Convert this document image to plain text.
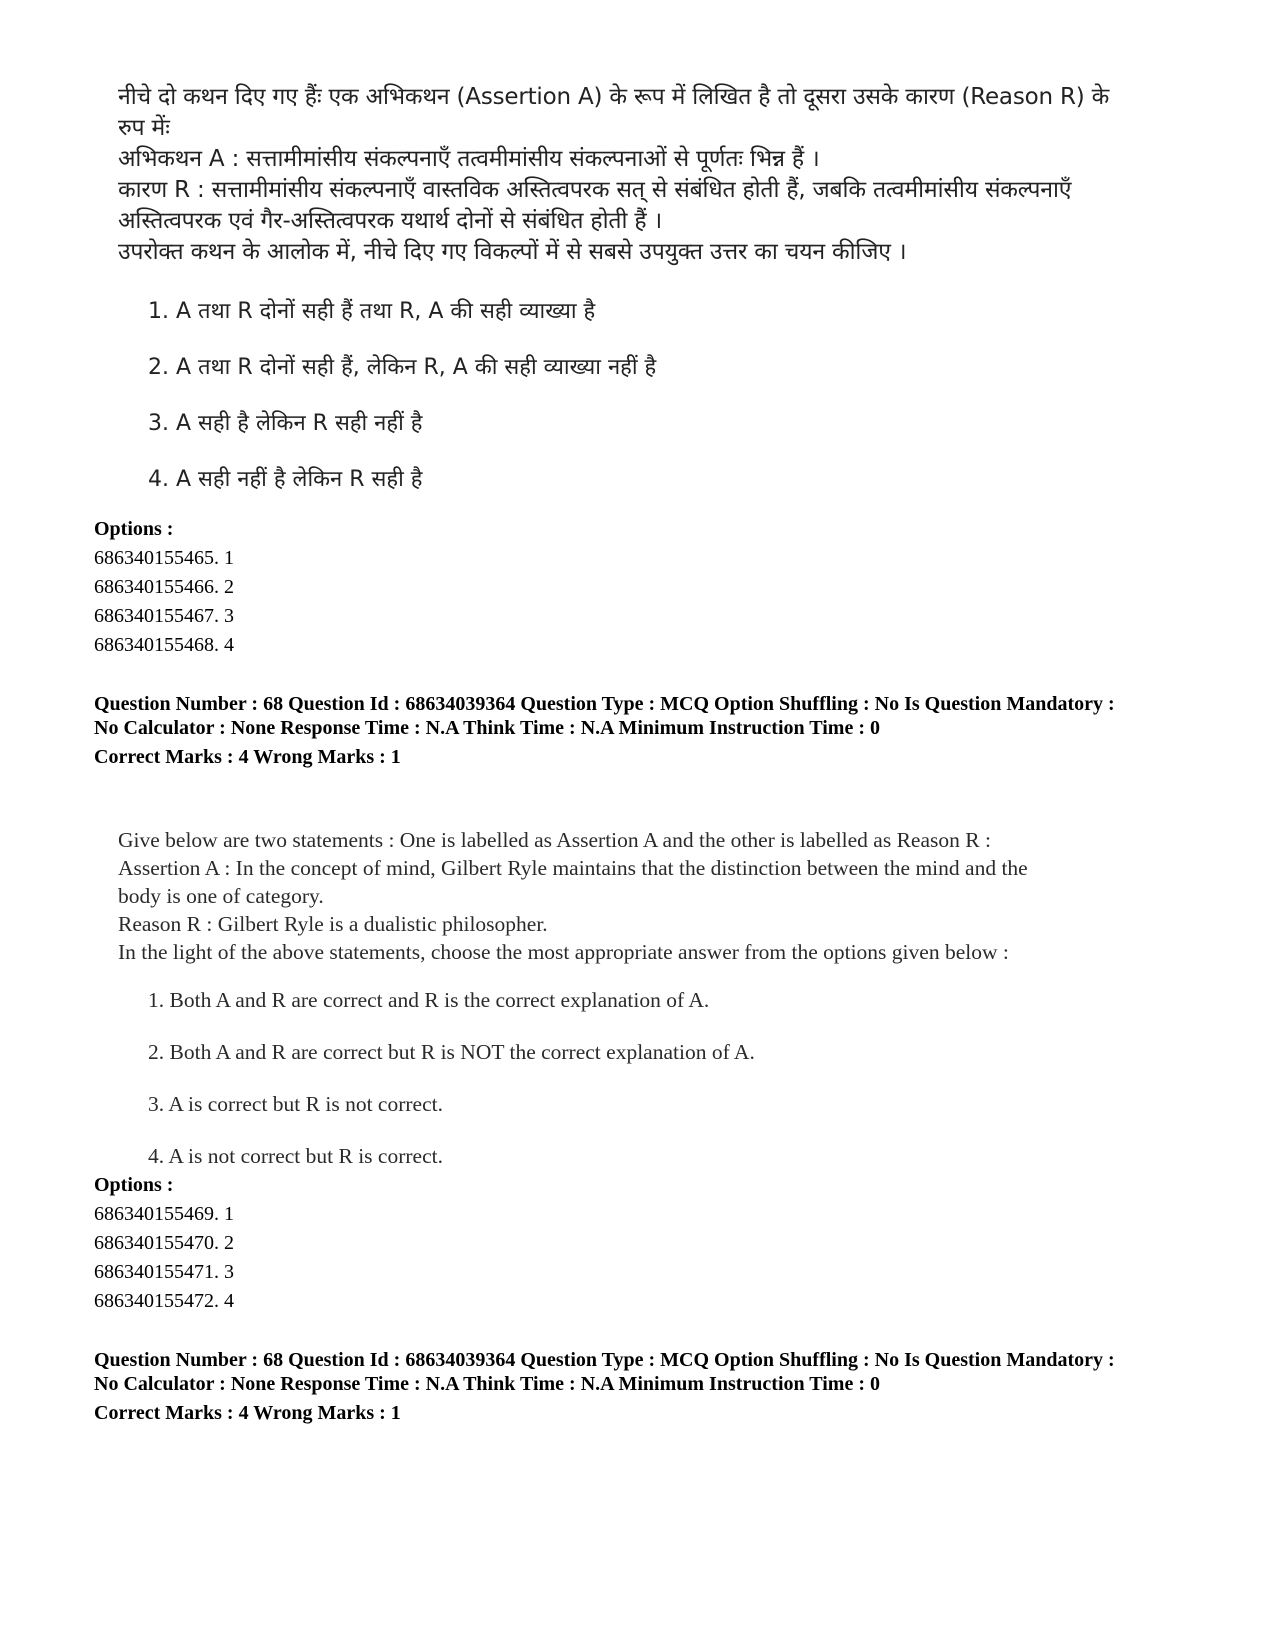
नीचे दो कथन दिए गए हैंः एक अभिकथन (Assertion A) के रूप में लिखित है तो दूसरा उसके कारण (Reason R) के

रुप मेंः

अभिकथन A : सत्तामीमांसीय संकल्पनाएँ तत्वमीमांसीय संकल्पनाओं से पूर्णतः भिन्न हैं ।

कारण R : सत्तामीमांसीय संकल्पनाएँ वास्तविक अस्तित्वपरक सत् से संबंधित होती हैं, जबकि तत्वमीमांसीय संकल्पनाएँ

अस्तित्वपरक एवं गैर-अस्तित्वपरक यथार्थ दोनों से संबंधित होती हैं ।

उपरोक्त कथन के आलोक में, नीचे दिए गए विकल्पों में से सबसे उपयुक्त उत्तर का चयन कीजिए ।

1. A तथा R दोनों सही हैं तथा R, A की सही व्याख्या है
2. A तथा R दोनों सही हैं, लेकिन R, A की सही व्याख्या नहीं है
3. A सही है लेकिन R सही नहीं है
4. A सही नहीं है लेकिन R सही है

Options :

686340155465. 1

686340155466. 2

686340155467. 3

686340155468. 4

Question Number : 68 Question Id : 68634039364 Question Type : MCQ Option Shuffling : No Is Question Mandatory :

No Calculator : None Response Time : N.A Think Time : N.A Minimum Instruction Time : 0

Correct Marks : 4 Wrong Marks : 1

Give below are two statements : One is labelled as Assertion A and the other is labelled as Reason R :

Assertion A : In the concept of mind, Gilbert Ryle maintains that the distinction between the mind and the

body is one of category.

Reason R : Gilbert Ryle is a dualistic philosopher.

In the light of the above statements, choose the most appropriate answer from the options given below :

1. Both A and R are correct and R is the correct explanation of A.
2. Both A and R are correct but R is NOT the correct explanation of A.
3. A is correct but R is not correct.
4. A is not correct but R is correct.

Options :

686340155469. 1

686340155470. 2

686340155471. 3

686340155472. 4

Question Number : 68 Question Id : 68634039364 Question Type : MCQ Option Shuffling : No Is Question Mandatory :

No Calculator : None Response Time : N.A Think Time : N.A Minimum Instruction Time : 0

Correct Marks : 4 Wrong Marks : 1
